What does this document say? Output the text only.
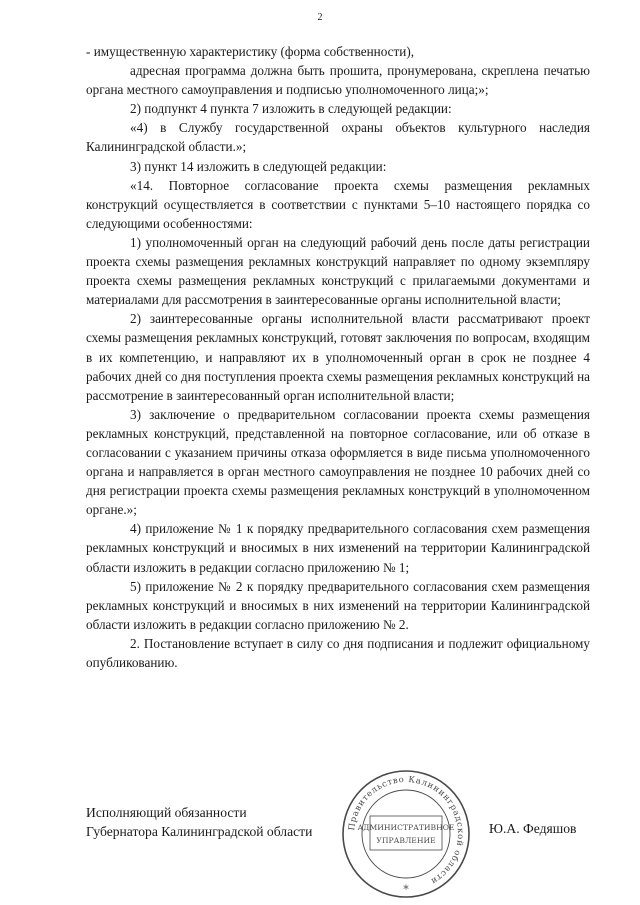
2

- имущественную характеристику (форма собственности),

адресная программа должна быть прошита, пронумерована, скреплена печатью органа местного самоуправления и подписью уполномоченного лица;»;

2) подпункт 4 пункта 7 изложить в следующей редакции:

«4) в Службу государственной охраны объектов культурного наследия Калининградской области.»;

3) пункт 14 изложить в следующей редакции:

«14. Повторное согласование проекта схемы размещения рекламных конструкций осуществляется в соответствии с пунктами 5–10 настоящего порядка со следующими особенностями:

1) уполномоченный орган на следующий рабочий день после даты регистрации проекта схемы размещения рекламных конструкций направляет по одному экземпляру проекта схемы размещения рекламных конструкций с прилагаемыми документами и материалами для рассмотрения в заинтересованные органы исполнительной власти;

2) заинтересованные органы исполнительной власти рассматривают проект схемы размещения рекламных конструкций, готовят заключения по вопросам, входящим в их компетенцию, и направляют их в уполномоченный орган в срок не позднее 4 рабочих дней со дня поступления проекта схемы размещения рекламных конструкций на рассмотрение в заинтересованный орган исполнительной власти;

3) заключение о предварительном согласовании проекта схемы размещения рекламных конструкций, представленной на повторное согласование, или об отказе в согласовании с указанием причины отказа оформляется в виде письма уполномоченного органа и направляется в орган местного самоуправления не позднее 10 рабочих дней со дня регистрации проекта схемы размещения рекламных конструкций в уполномоченном органе.»;

4) приложение № 1 к порядку предварительного согласования схем размещения рекламных конструкций и вносимых в них изменений на территории Калининградской области изложить в редакции согласно приложению № 1;

5) приложение № 2 к порядку предварительного согласования схем размещения рекламных конструкций и вносимых в них изменений на территории Калининградской области изложить в редакции согласно приложению № 2.

2. Постановление вступает в силу со дня подписания и подлежит официальному опубликованию.

Исполняющий обязанности
Губернатора Калининградской области	Правительство Калининградской области
АДМИНИСТРАТИВНОЕ
УПРАВЛЕНИЕ
*
Ю.А. Федяшов
